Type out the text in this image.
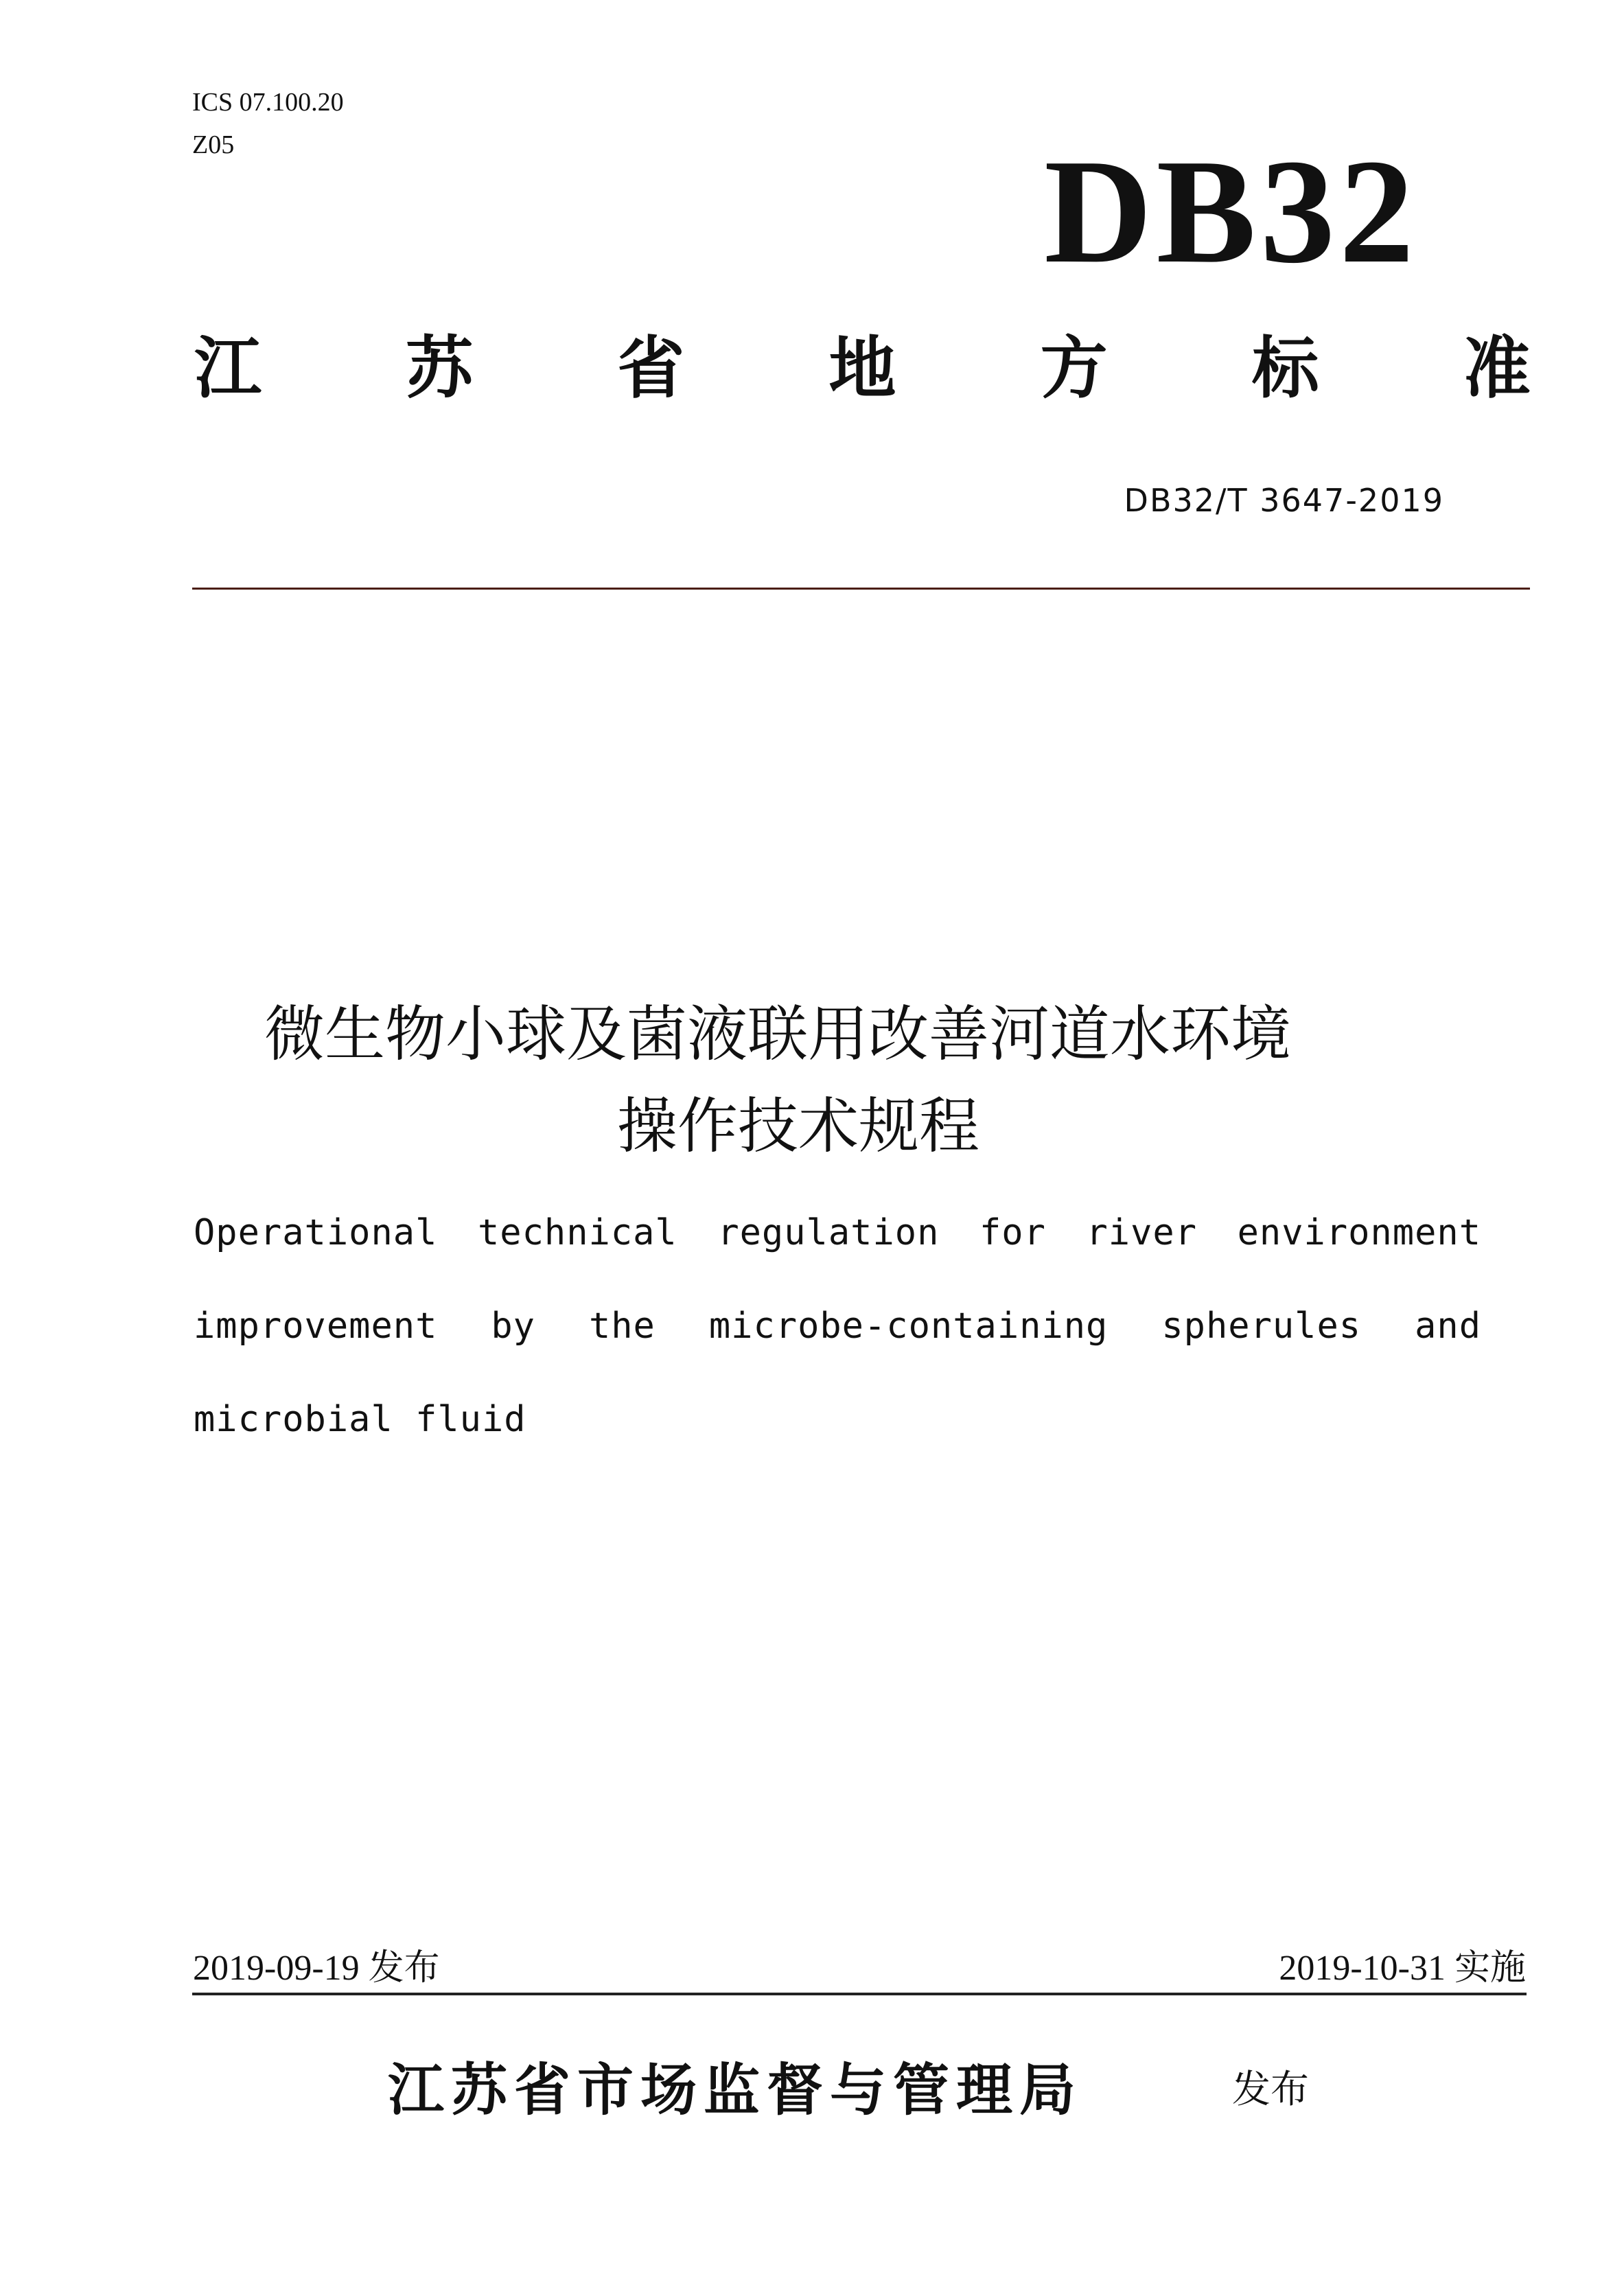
ICS 07.100.20
Z05	DB32
江 苏 省 地 方 标 准
DB32/T 3647-2019
微生物小球及菌液联用改善河道水环境
操作技术规程
Operational technical regulation for river environment improvement by the microbe-containing spherules and microbial fluid
2019-09-19 发布	2019-10-31 实施
江苏省市场监督与管理局	发布
